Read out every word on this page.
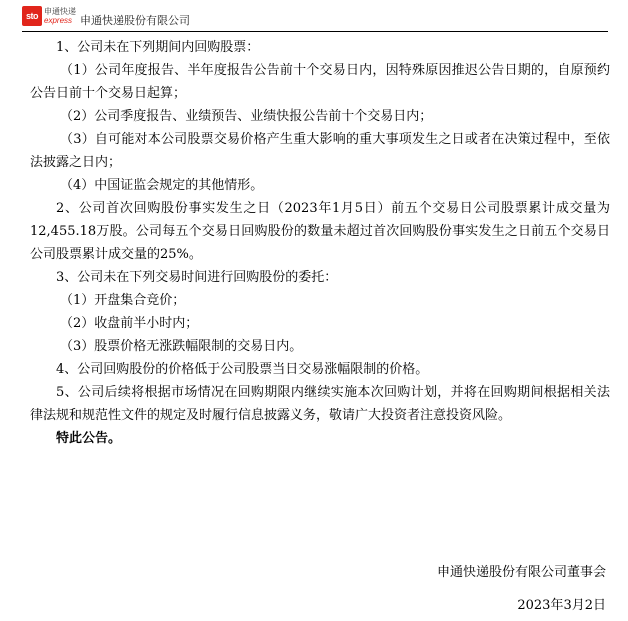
sto 申通快递
express 申通快递股份有限公司

1、公司未在下列期间内回购股票：

（1）公司年度报告、半年度报告公告前十个交易日内，因特殊原因推迟公告日期的，自原预约公告日前十个交易日起算；

（2）公司季度报告、业绩预告、业绩快报公告前十个交易日内；

（3）自可能对本公司股票交易价格产生重大影响的重大事项发生之日或者在决策过程中，至依法披露之日内；

（4）中国证监会规定的其他情形。

2、公司首次回购股份事实发生之日（2023年1月5日）前五个交易日公司股票累计成交量为12,455.18万股。公司每五个交易日回购股份的数量未超过首次回购股份事实发生之日前五个交易日公司股票累计成交量的25%。

3、公司未在下列交易时间进行回购股份的委托：

（1）开盘集合竞价；

（2）收盘前半小时内；

（3）股票价格无涨跌幅限制的交易日内。

4、公司回购股份的价格低于公司股票当日交易涨幅限制的价格。

5、公司后续将根据市场情况在回购期限内继续实施本次回购计划，并将在回购期间根据相关法律法规和规范性文件的规定及时履行信息披露义务，敬请广大投资者注意投资风险。

特此公告。

申通快递股份有限公司董事会
2023年3月2日
